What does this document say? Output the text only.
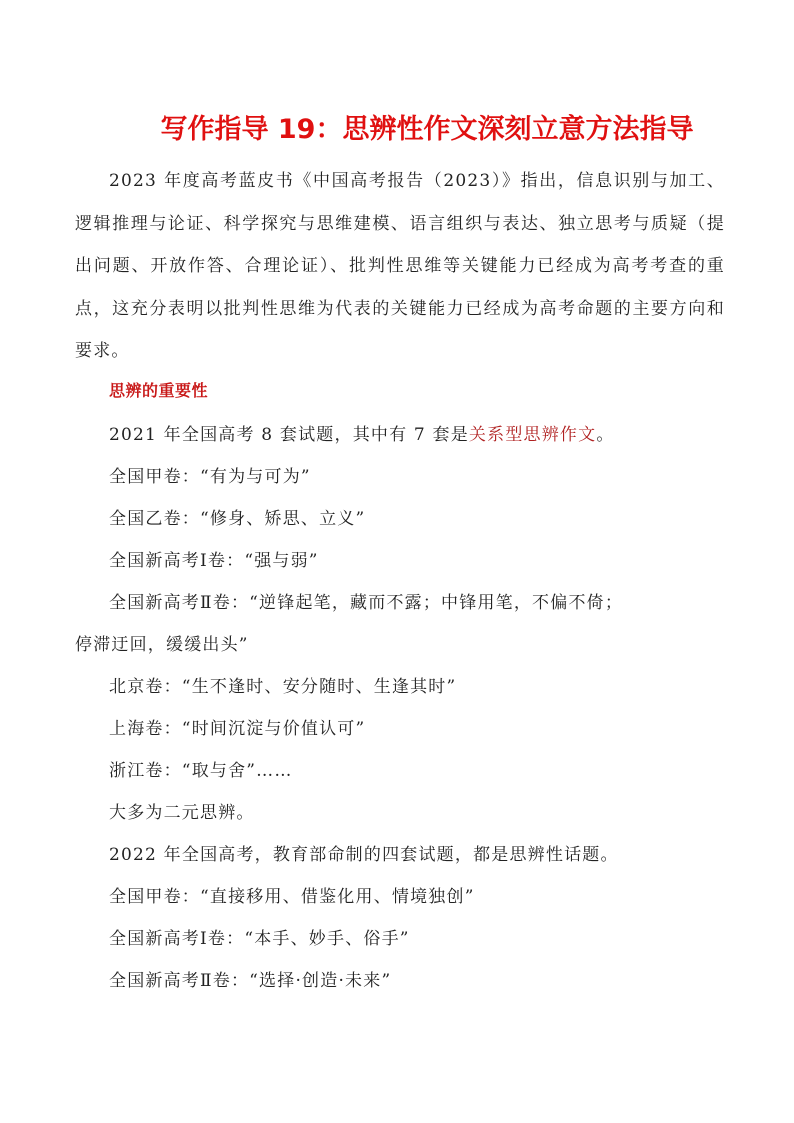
写作指导 19：思辨性作文深刻立意方法指导
2023 年度高考蓝皮书《中国高考报告（2023）》指出，信息识别与加工、逻辑推理与论证、科学探究与思维建模、语言组织与表达、独立思考与质疑（提出问题、开放作答、合理论证）、批判性思维等关键能力已经成为高考考查的重点，这充分表明以批判性思维为代表的关键能力已经成为高考命题的主要方向和要求。
思辨的重要性
2021 年全国高考 8 套试题，其中有 7 套是关系型思辨作文。
全国甲卷：“有为与可为”
全国乙卷：“修身、矫思、立义”
全国新高考Ⅰ卷：“强与弱”
全国新高考Ⅱ卷：“逆锋起笔，藏而不露；中锋用笔，不偏不倚；
停滞迂回，缓缓出头”
北京卷：“生不逢时、安分随时、生逢其时”
上海卷：“时间沉淀与价值认可”
浙江卷：“取与舍”……
大多为二元思辨。
2022 年全国高考，教育部命制的四套试题，都是思辨性话题。
全国甲卷：“直接移用、借鉴化用、情境独创”
全国新高考Ⅰ卷：“本手、妙手、俗手”
全国新高考Ⅱ卷：“选择·创造·未来”
